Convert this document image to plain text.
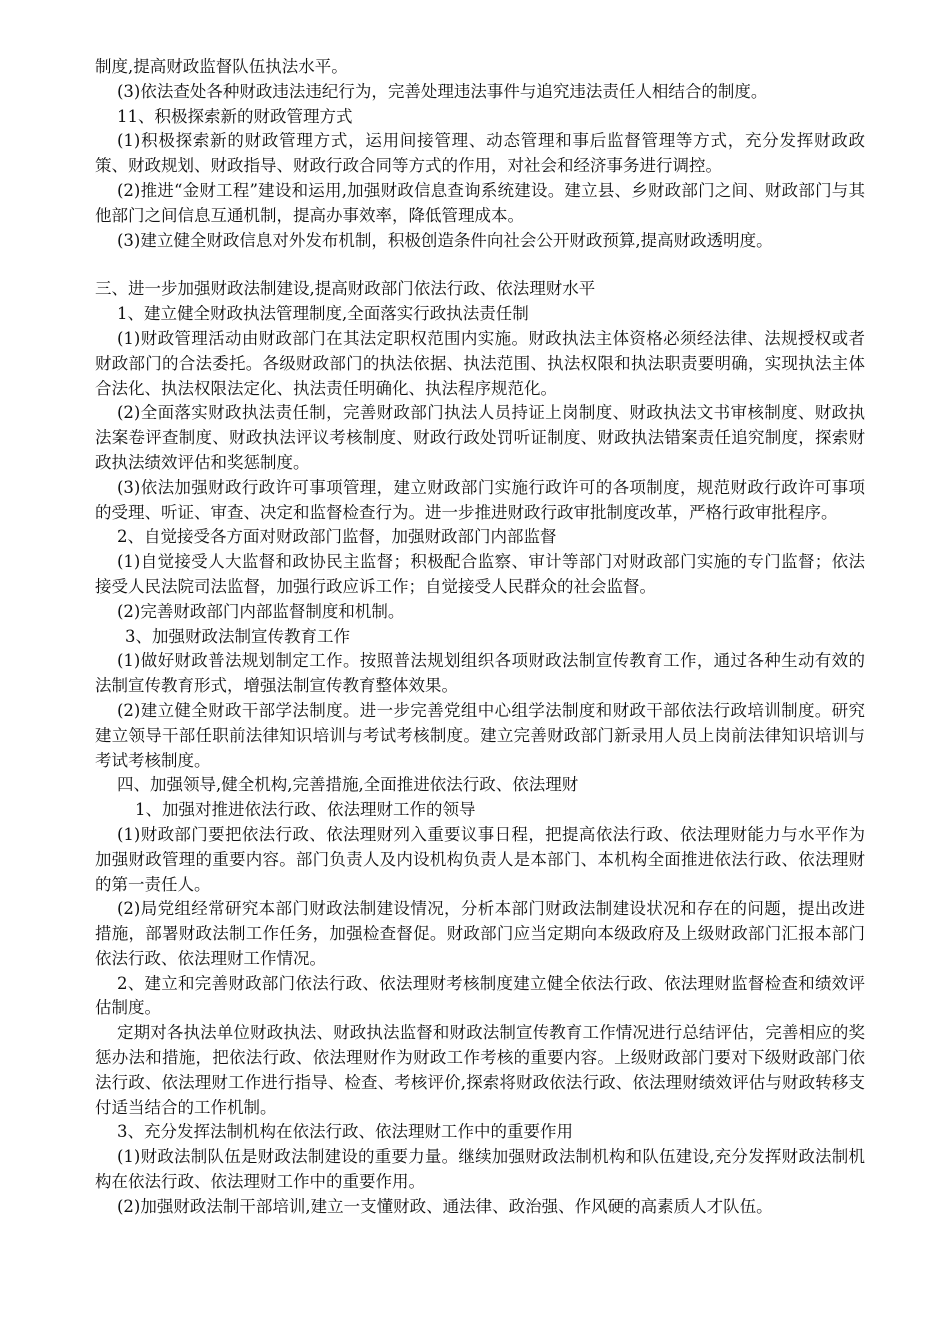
制度,提高财政监督队伍执法水平。

(3)依法查处各种财政违法违纪行为，完善处理违法事件与追究违法责任人相结合的制度。

11、积极探索新的财政管理方式

(1)积极探索新的财政管理方式，运用间接管理、动态管理和事后监督管理等方式，充分发挥财政政策、财政规划、财政指导、财政行政合同等方式的作用，对社会和经济事务进行调控。

(2)推进“金财工程”建设和运用,加强财政信息查询系统建设。建立县、乡财政部门之间、财政部门与其他部门之间信息互通机制，提高办事效率，降低管理成本。

(3)建立健全财政信息对外发布机制，积极创造条件向社会公开财政预算,提高财政透明度。

三、进一步加强财政法制建设,提高财政部门依法行政、依法理财水平

1、建立健全财政执法管理制度,全面落实行政执法责任制

(1)财政管理活动由财政部门在其法定职权范围内实施。财政执法主体资格必须经法律、法规授权或者财政部门的合法委托。各级财政部门的执法依据、执法范围、执法权限和执法职责要明确，实现执法主体合法化、执法权限法定化、执法责任明确化、执法程序规范化。

(2)全面落实财政执法责任制，完善财政部门执法人员持证上岗制度、财政执法文书审核制度、财政执法案卷评查制度、财政执法评议考核制度、财政行政处罚听证制度、财政执法错案责任追究制度，探索财政执法绩效评估和奖惩制度。

(3)依法加强财政行政许可事项管理，建立财政部门实施行政许可的各项制度，规范财政行政许可事项的受理、听证、审查、决定和监督检查行为。进一步推进财政行政审批制度改革，严格行政审批程序。

2、自觉接受各方面对财政部门监督，加强财政部门内部监督

(1)自觉接受人大监督和政协民主监督；积极配合监察、审计等部门对财政部门实施的专门监督；依法接受人民法院司法监督，加强行政应诉工作；自觉接受人民群众的社会监督。

(2)完善财政部门内部监督制度和机制。

3、加强财政法制宣传教育工作

(1)做好财政普法规划制定工作。按照普法规划组织各项财政法制宣传教育工作，通过各种生动有效的法制宣传教育形式，增强法制宣传教育整体效果。

(2)建立健全财政干部学法制度。进一步完善党组中心组学法制度和财政干部依法行政培训制度。研究建立领导干部任职前法律知识培训与考试考核制度。建立完善财政部门新录用人员上岗前法律知识培训与考试考核制度。

四、加强领导,健全机构,完善措施,全面推进依法行政、依法理财

1、加强对推进依法行政、依法理财工作的领导

(1)财政部门要把依法行政、依法理财列入重要议事日程，把提高依法行政、依法理财能力与水平作为加强财政管理的重要内容。部门负责人及内设机构负责人是本部门、本机构全面推进依法行政、依法理财的第一责任人。

(2)局党组经常研究本部门财政法制建设情况，分析本部门财政法制建设状况和存在的问题，提出改进措施，部署财政法制工作任务，加强检查督促。财政部门应当定期向本级政府及上级财政部门汇报本部门依法行政、依法理财工作情况。

2、建立和完善财政部门依法行政、依法理财考核制度建立健全依法行政、依法理财监督检查和绩效评估制度。

定期对各执法单位财政执法、财政执法监督和财政法制宣传教育工作情况进行总结评估，完善相应的奖惩办法和措施，把依法行政、依法理财作为财政工作考核的重要内容。上级财政部门要对下级财政部门依法行政、依法理财工作进行指导、检查、考核评价,探索将财政依法行政、依法理财绩效评估与财政转移支付适当结合的工作机制。

3、充分发挥法制机构在依法行政、依法理财工作中的重要作用

(1)财政法制队伍是财政法制建设的重要力量。继续加强财政法制机构和队伍建设,充分发挥财政法制机构在依法行政、依法理财工作中的重要作用。

(2)加强财政法制干部培训,建立一支懂财政、通法律、政治强、作风硬的高素质人才队伍。
